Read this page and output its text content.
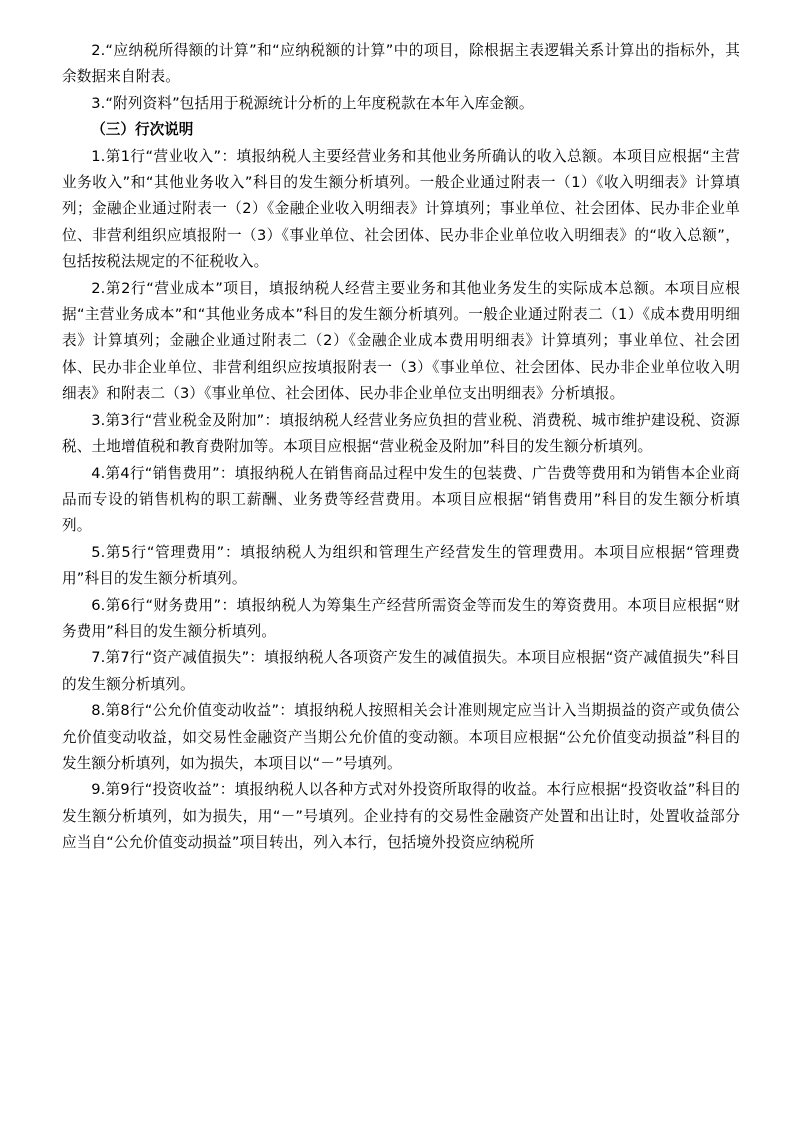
2.“应纳税所得额的计算”和“应纳税额的计算”中的项目，除根据主表逻辑关系计算出的指标外，其余数据来自附表。

3.“附列资料”包括用于税源统计分析的上年度税款在本年入库金额。

（三）行次说明

1.第1行“营业收入”：填报纳税人主要经营业务和其他业务所确认的收入总额。本项目应根据“主营业务收入”和“其他业务收入”科目的发生额分析填列。一般企业通过附表一（1）《收入明细表》计算填列；金融企业通过附表一（2）《金融企业收入明细表》计算填列；事业单位、社会团体、民办非企业单位、非营利组织应填报附一（3）《事业单位、社会团体、民办非企业单位收入明细表》的“收入总额”，包括按税法规定的不征税收入。

2.第2行“营业成本”项目，填报纳税人经营主要业务和其他业务发生的实际成本总额。本项目应根据“主营业务成本”和“其他业务成本”科目的发生额分析填列。一般企业通过附表二（1）《成本费用明细表》计算填列；金融企业通过附表二（2）《金融企业成本费用明细表》计算填列；事业单位、社会团体、民办非企业单位、非营利组织应按填报附表一（3）《事业单位、社会团体、民办非企业单位收入明细表》和附表二（3）《事业单位、社会团体、民办非企业单位支出明细表》分析填报。

3.第3行“营业税金及附加”：填报纳税人经营业务应负担的营业税、消费税、城市维护建设税、资源税、土地增值税和教育费附加等。本项目应根据“营业税金及附加”科目的发生额分析填列。

4.第4行“销售费用”：填报纳税人在销售商品过程中发生的包装费、广告费等费用和为销售本企业商品而专设的销售机构的职工薪酬、业务费等经营费用。本项目应根据“销售费用”科目的发生额分析填列。

5.第5行“管理费用”：填报纳税人为组织和管理生产经营发生的管理费用。本项目应根据“管理费用”科目的发生额分析填列。

6.第6行“财务费用”：填报纳税人为筹集生产经营所需资金等而发生的筹资费用。本项目应根据“财务费用”科目的发生额分析填列。

7.第7行“资产减值损失”：填报纳税人各项资产发生的减值损失。本项目应根据“资产减值损失”科目的发生额分析填列。

8.第8行“公允价值变动收益”：填报纳税人按照相关会计准则规定应当计入当期损益的资产或负债公允价值变动收益，如交易性金融资产当期公允价值的变动额。本项目应根据“公允价值变动损益”科目的发生额分析填列，如为损失，本项目以“－”号填列。

9.第9行“投资收益”：填报纳税人以各种方式对外投资所取得的收益。本行应根据“投资收益”科目的发生额分析填列，如为损失，用“－”号填列。企业持有的交易性金融资产处置和出让时，处置收益部分应当自“公允价值变动损益”项目转出，列入本行，包括境外投资应纳税所
